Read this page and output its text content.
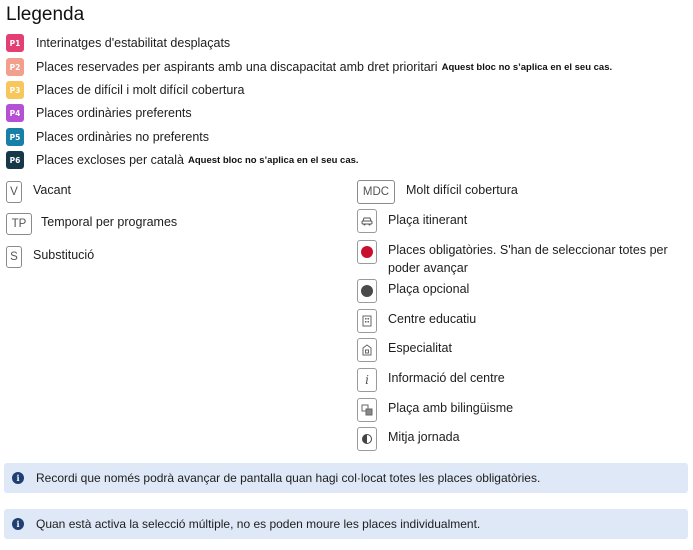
Llegenda
P1 Interinatges d'estabilitat desplaçats
P2 Places reservades per aspirants amb una discapacitat amb dret prioritari Aquest bloc no s’aplica en el seu cas.
P3 Places de difícil i molt difícil cobertura
P4 Places ordinàries preferents
P5 Places ordinàries no preferents
P6 Places excloses per català Aquest bloc no s’aplica en el seu cas.
V	Vacant
TP	Temporal per programes
S	Substitució
MDC	Molt difícil cobertura
Plaça itinerant
Places obligatòries. S'han de seleccionar totes per poder avançar
Plaça opcional
Centre educatiu
Especialitat
i Informació del centre
Plaça amb bilingüisme
Mitja jornada
i	Recordi que només podrà avançar de pantalla quan hagi col·locat totes les places obligatòries.
i	Quan està activa la selecció múltiple, no es poden moure les places individualment.
